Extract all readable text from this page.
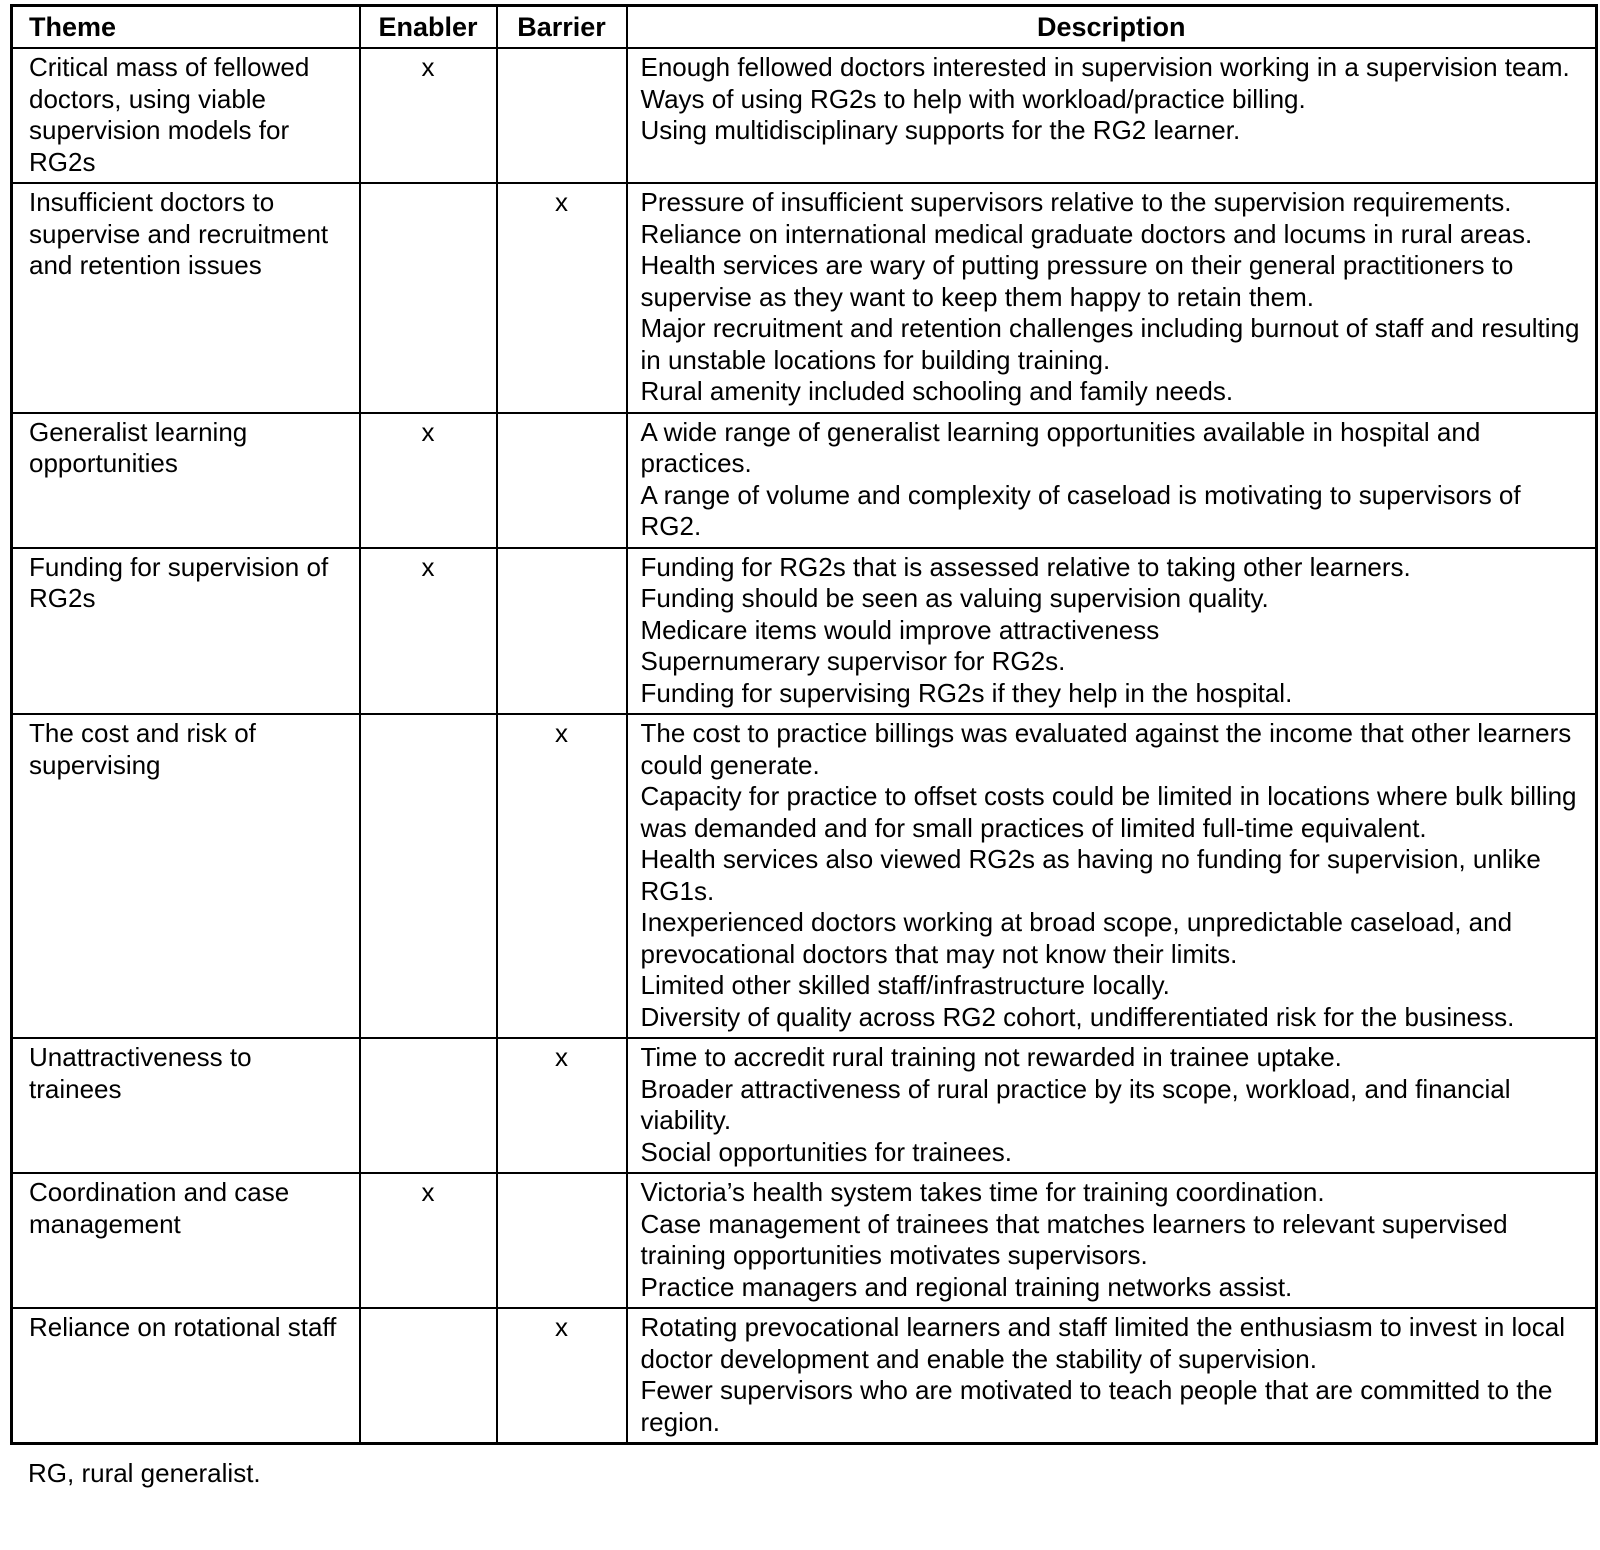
Theme	Enabler	Barrier	Description
Critical mass of fellowed doctors, using viable supervision models for RG2s	x		Enough fellowed doctors interested in supervision working in a supervision team.
Ways of using RG2s to help with workload/practice billing.
Using multidisciplinary supports for the RG2 learner.

Insufficient doctors to supervise and recruitment and retention issues		x	Pressure of insufficient supervisors relative to the supervision requirements.
Reliance on international medical graduate doctors and locums in rural areas.
Health services are wary of putting pressure on their general practitioners to supervise as they want to keep them happy to retain them.
Major recruitment and retention challenges including burnout of staff and resulting in unstable locations for building training.
Rural amenity included schooling and family needs.

Generalist learning opportunities	x		A wide range of generalist learning opportunities available in hospital and practices.
A range of volume and complexity of caseload is motivating to supervisors of RG2.

Funding for supervision of RG2s	x		Funding for RG2s that is assessed relative to taking other learners.
Funding should be seen as valuing supervision quality.
Medicare items would improve attractiveness
Supernumerary supervisor for RG2s.
Funding for supervising RG2s if they help in the hospital.

The cost and risk of supervising		x	The cost to practice billings was evaluated against the income that other learners could generate.
Capacity for practice to offset costs could be limited in locations where bulk billing was demanded and for small practices of limited full-time equivalent.
Health services also viewed RG2s as having no funding for supervision, unlike RG1s.
Inexperienced doctors working at broad scope, unpredictable caseload, and prevocational doctors that may not know their limits.
Limited other skilled staff/infrastructure locally.
Diversity of quality across RG2 cohort, undifferentiated risk for the business.

Unattractiveness to trainees		x	Time to accredit rural training not rewarded in trainee uptake.
Broader attractiveness of rural practice by its scope, workload, and financial viability.
Social opportunities for trainees.

Coordination and case management	x		Victoria’s health system takes time for training coordination.
Case management of trainees that matches learners to relevant supervised training opportunities motivates supervisors.
Practice managers and regional training networks assist.

Reliance on rotational staff		x	Rotating prevocational learners and staff limited the enthusiasm to invest in local doctor development and enable the stability of supervision.
Fewer supervisors who are motivated to teach people that are committed to the region.
RG, rural generalist.
